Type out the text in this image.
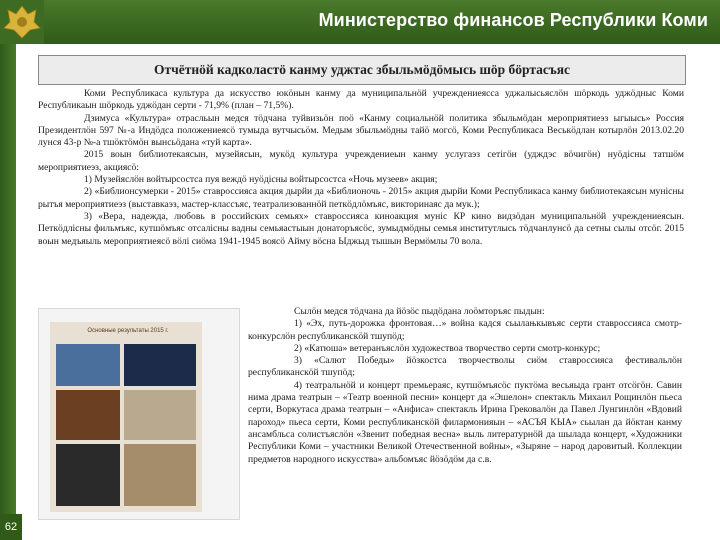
Министерство финансов Республики Коми
62
Отчётнӧй кадколастӧ канму уджтас збыльмӧдӧмысь шӧр бӧртасъяс

Коми Республикаса культура да искусство юкӧнын канму да муниципальнӧй учреждениеясса уджалысьяслӧн шӧркодь уджӧдныс Коми Республикаын шӧркодь уджӧдан серти - 71,9% (план – 71,5%).

Дзимуса «Культура» отрасльын медся тӧдчана туйвизьӧн поӧ «Канму социальнӧй политика збыльмӧдан мероприятиеэз ыгыысь» Россия Президентлӧн 597 №-а Индӧдса положениеясӧ тумыда вутчысьӧм. Медым збыльмӧдны тайӧ могсӧ, Коми Республикаса Веськӧдлан котырлӧн 2013.02.20 лунся 43-р №-а тшӧктӧмӧн вынсьӧдана «туй карта».

2015 воын библиотекаясын, музейясын, мукӧд культура учреждениеын канму услугаэз сетігӧн (удждэс вӧчигӧн) нуӧдiсны татшӧм мероприятиеэз, акциясӧ:

1) Музейяслӧн войтырсостса пуя веждӧ нуӧдiсны войтырсостса «Ночь музеев» акция;

2) «Библионсумерки - 2015» ставроссияса акция дырйи да «Библионочь - 2015» акция дырйи Коми Республикаса канму библиотекаясын мунiсны рытъя мероприятиеэз (выставкаэз, мастер-классъяс, театрализованнӧй петкӧдлӧмъяс, викторинаяс да мук.);

3) «Вера, надежда, любовь в российских семьях» ставроссияса киноакция муніс КР кино видзӧдан муниципальнӧй учреждениеясын. Петкӧдлiсны фильмъяс, кутшӧмъяс отсалiсны вадны семьяастыын донаторъясӧс, зумыдмӧдны семья институтлысь тӧдчанлунсӧ да сетны сылы отсӧг. 2015 воын медъяыль мероприятиеясӧ вӧлi сиӧма 1941-1945 воясӧ Айму вӧсна Ыджыд тышын Вермӧмлы 70 вола.

Основные результаты 2015 г.

Сылӧн медся тӧдчана да йӧзӧс пыдӧдана лоӧмторъяс пыдын:

1) «Эх, путь-дорожка фронтовая…» война кадся сьылањкывъяс серти ставроссияса смотр-конкурслӧн республиканскӧй тшупӧд;

2) «Катюша» ветеранъяслӧн художествоа творчество серти смотр-конкурс;

3) «Салют Победы» йӧзкостса творчестволы сиӧм ставроссияса фестивальлӧн республиканскӧй тшупӧд;

4) театральнӧй и концерт премьераяс, кутшӧмъясӧс пуктӧма весьяыда грант отсӧгӧн. Савин нима драма театрын – «Театр военной песни» концерт да «Эшелон» спектакль Михаил Рощинлӧн пьеса серти, Воркутаса драма театрын – «Анфиса» спектакль Ирина Грековалӧн да Павел Лунгинлӧн «Вдовий пароход» пьеса серти, Коми республиканскӧй филармонияын – «АСЪЯ КЫА» сьылан да йӧктан канму ансамбльса солистъяслӧн «Звенит победная весна» выль литературнӧй да шылада концерт, «Художники Республики Коми – участники Великой Отечественной войны», «Зыряне – народ даровитый. Коллекции предметов народного искусства» альбомъяс йӧзӧдӧм да с.в.
